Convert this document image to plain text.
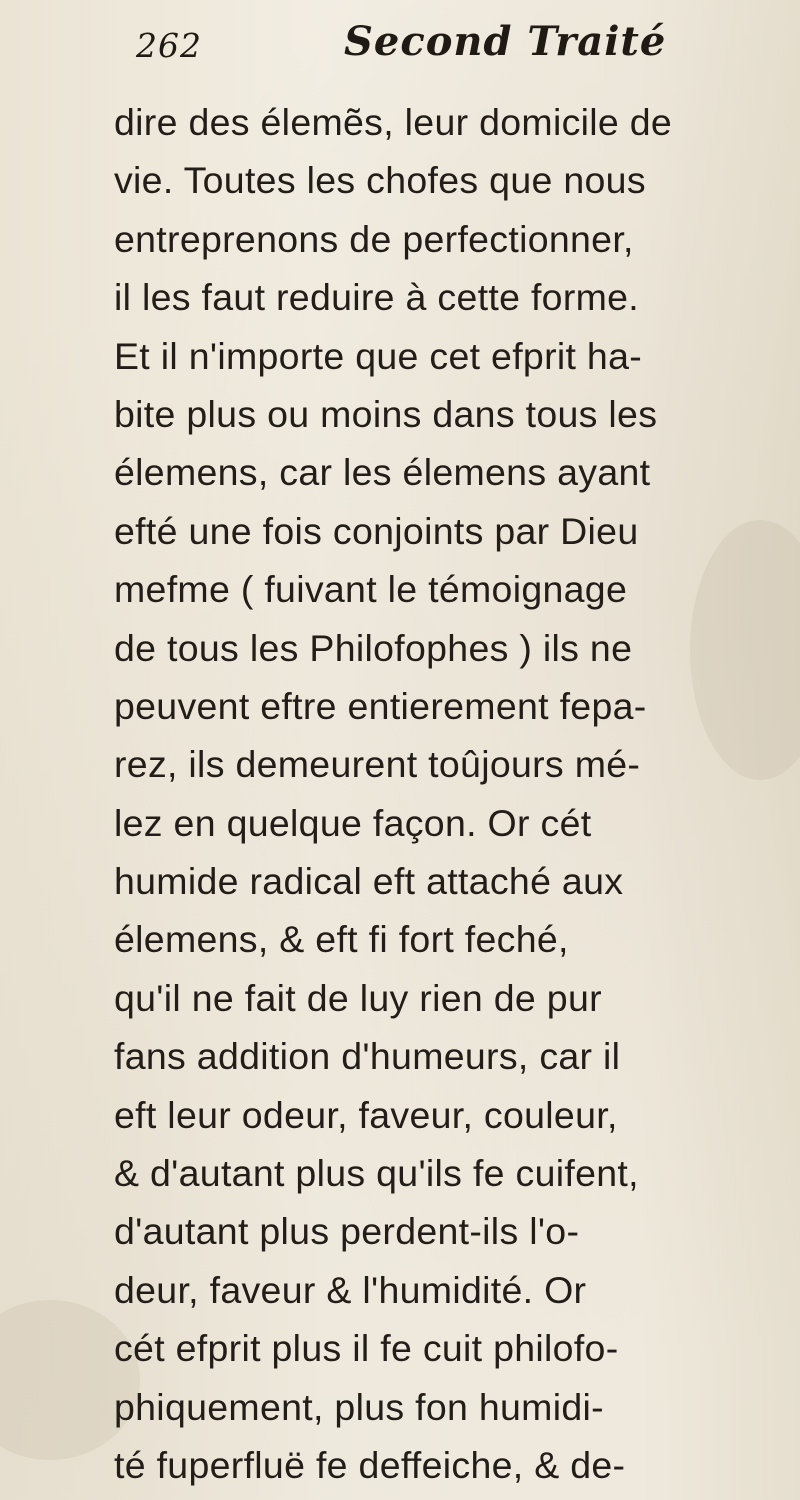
262	Second Traité
dire des élemẽs, leur domicile de
vie. Toutes les chofes que nous
entreprenons de perfectionner,
il les faut reduire à cette forme.
Et il n'importe que cet efprit ha-
bite plus ou moins dans tous les
élemens, car les élemens ayant
efté une fois conjoints par Dieu
mefme ( fuivant le témoignage
de tous les Philofophes ) ils ne
peuvent eftre entierement fepa-
rez, ils demeurent toûjours mé-
lez en quelque façon. Or cét
humide radical eft attaché aux
élemens, & eft fi fort feché,
qu'il ne fait de luy rien de pur
fans addition d'humeurs, car il
eft leur odeur, faveur, couleur,
& d'autant plus qu'ils fe cuifent,
d'autant plus perdent-ils l'o-
deur, faveur & l'humidité. Or
cét efprit plus il fe cuit philofo-
phiquement, plus fon humidi-
té fuperfluë fe deffeiche, & de-
